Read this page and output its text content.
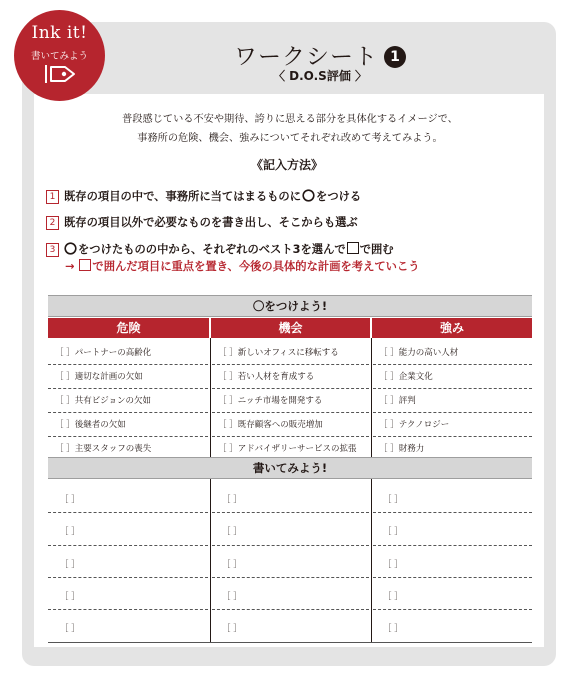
Ink it!
書いてみよう	ワークシート 1
〈 D.O.S評価 〉
普段感じている不安や期待、誇りに思える部分を具体化するイメージで、
事務所の危険、機会、強みについてそれぞれ改めて考えてみよう。
《記入方法》
1 既存の項目の中で、事務所に当てはまるものに○をつける
2 既存の項目以外で必要なものを書き出し、そこからも選ぶ
3 ○をつけたものの中から、それぞれのベスト3を選んで で囲む
→ で囲んだ項目に重点を置き、今後の具体的な計画を考えていこう
〇をつけよう!
危険	機会	強み
［ ］パートナーの高齢化	［ ］新しいオフィスに移転する	［ ］能力の高い人材
［ ］適切な計画の欠如	［ ］若い人材を育成する	［ ］企業文化
［ ］共有ビジョンの欠如	［ ］ニッチ市場を開発する	［ ］評判
［ ］後継者の欠如	［ ］既存顧客への販売増加	［ ］テクノロジー
［ ］主要スタッフの喪失	［ ］アドバイザリーサービスの拡張	［ ］財務力
書いてみよう!
［ ］	［ ］	［ ］
［ ］	［ ］	［ ］
［ ］	［ ］	［ ］
［ ］	［ ］	［ ］
［ ］	［ ］	［ ］
